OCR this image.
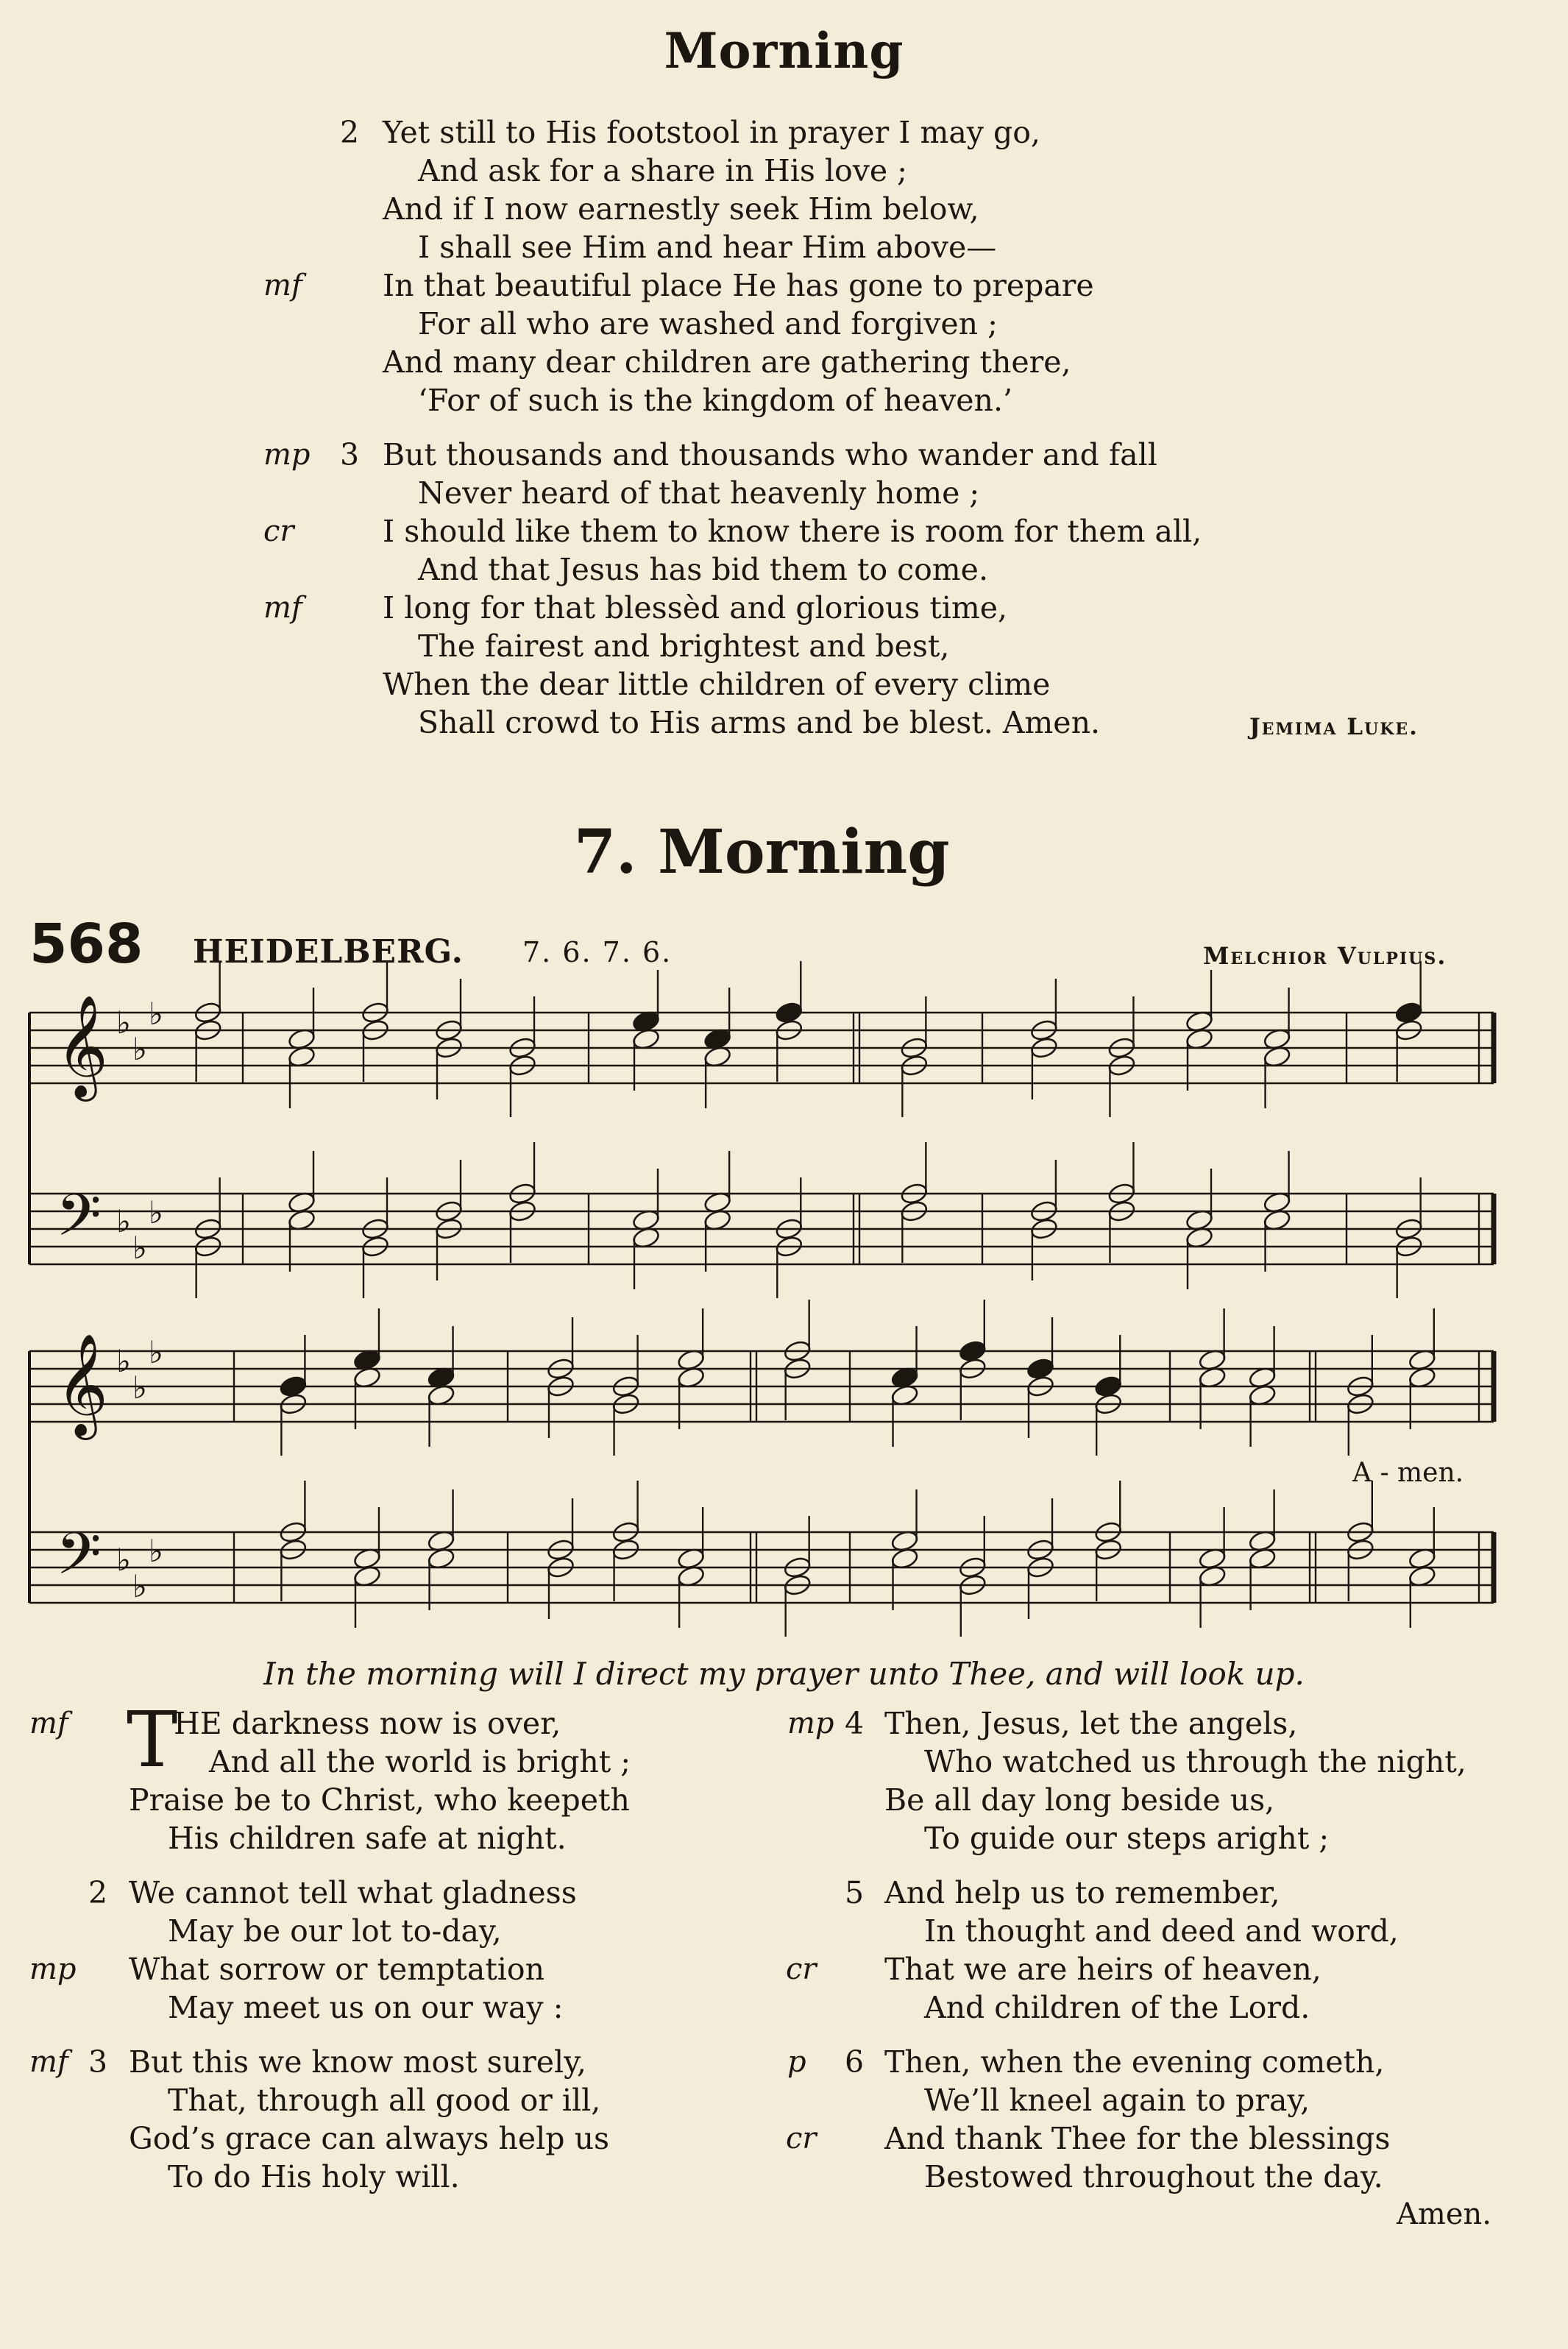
Morning
2 Yet still to His footstool in prayer I may go,
And ask for a share in His love ;
And if I now earnestly seek Him below,
I shall see Him and hear Him above—
mf	In that beautiful place He has gone to prepare
For all who are washed and forgiven ;
And many dear children are gathering there,
‘For of such is the kingdom of heaven.’
mp 3 But thousands and thousands who wander and fall
Never heard of that heavenly home ;
cr	I should like them to know there is room for them all,
And that Jesus has bid them to come.
mf	I long for that blessèd and glorious time,
The fairest and brightest and best,
When the dear little children of every clime
Shall crowd to His arms and be blest. Amen.	Jemima Luke.
7. Morning
568 HEIDELBERG. 7. 6. 7. 6.	Melchior Vulpius.
𝄞 ♭
♭
♭
𝄢 ♭
♭
♭
𝄞 ♭
♭
♭
𝄢 ♭
♭
♭
A - men.
In the morning will I direct my prayer unto Thee, and will look up.
mf T
HE darkness now is over,
And all the world is bright ;
Praise be to Christ, who keepeth
His children safe at night.
2 We cannot tell what gladness
May be our lot to-day,
mp What sorrow or temptation
May meet us on our way :
mf 3 But this we know most surely,
That, through all good or ill,
God’s grace can always help us
To do His holy will.
mp 4 Then, Jesus, let the angels,
Who watched us through the night,
Be all day long beside us,
To guide our steps aright ;
5 And help us to remember,
In thought and deed and word,
cr That we are heirs of heaven,
And children of the Lord.
p 6 Then, when the evening cometh,
We’ll kneel again to pray,
cr And thank Thee for the blessings
Bestowed throughout the day.
Amen.
